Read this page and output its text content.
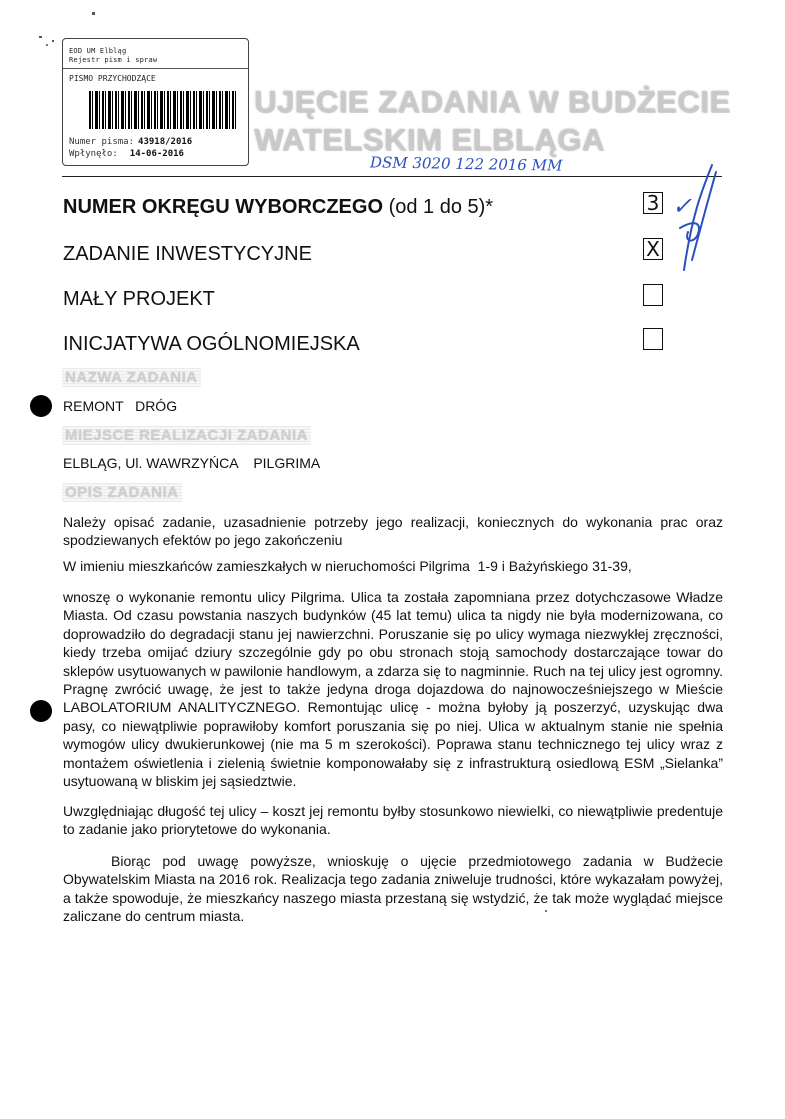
EOD UM Elbląg
Rejestr pism i spraw
PISMO PRZYCHODZĄCE
Numer pisma: 43918/2016
Wpłynęło: 14-06-2016
UJĘCIE ZADANIA W BUDŻECIE
WATELSKIM ELBLĄGA
DSM 3020 122 2016 MM
NUMER OKRĘGU WYBORCZEGO (od 1 do 5)*	3 ✓
ZADANIE INWESTYCYJNE	X
MAŁY PROJEKT
INICJATYWA OGÓLNOMIEJSKA
NAZWA ZADANIA
REMONT   DRÓG
MIEJSCE REALIZACJI ZADANIA
ELBLĄG, Ul. WAWRZYŃCA    PILGRIMA
OPIS ZADANIA
Należy opisać zadanie, uzasadnienie potrzeby jego realizacji, koniecznych do wykonania prac oraz spodziewanych efektów po jego zakończeniu
W imieniu mieszkańców zamieszkałych w nieruchomości Pilgrima  1-9 i Bażyńskiego 31-39,
wnoszę o wykonanie remontu ulicy Pilgrima. Ulica ta została zapomniana przez dotychczasowe Władze Miasta. Od czasu powstania naszych budynków (45 lat temu) ulica ta nigdy nie była modernizowana, co doprowadziło do degradacji stanu jej nawierzchni. Poruszanie się po ulicy wymaga niezwykłej zręczności, kiedy trzeba omijać dziury szczególnie gdy po obu stronach stoją samochody dostarczające towar do sklepów usytuowanych w pawilonie handlowym, a zdarza się to nagminnie. Ruch na tej ulicy jest ogromny. Pragnę zwrócić uwagę, że jest to także jedyna droga dojazdowa do najnowocześniejszego w Mieście LABOLATORIUM ANALITYCZNEGO. Remontując ulicę - można byłoby ją poszerzyć, uzyskując dwa pasy, co niewątpliwie poprawiłoby komfort poruszania się po niej. Ulica w aktualnym stanie nie spełnia wymogów ulicy dwukierunkowej (nie ma 5 m szerokości). Poprawa stanu technicznego tej ulicy wraz z montażem oświetlenia i zielenią świetnie komponowałaby się z infrastrukturą osiedlową ESM „Sielanka” usytuowaną w bliskim jej sąsiedztwie.
Uwzględniając długość tej ulicy – koszt jej remontu byłby stosunkowo niewielki, co niewątpliwie predentuje to zadanie jako priorytetowe do wykonania.
Biorąc pod uwagę powyższe, wnioskuję o ujęcie przedmiotowego zadania w Budżecie Obywatelskim Miasta na 2016 rok. Realizacja tego zadania zniweluje trudności, które wykazałam powyżej, a także spowoduje, że mieszkańcy naszego miasta przestaną się wstydzić, że tak może wyglądać miejsce zaliczane do centrum miasta.
